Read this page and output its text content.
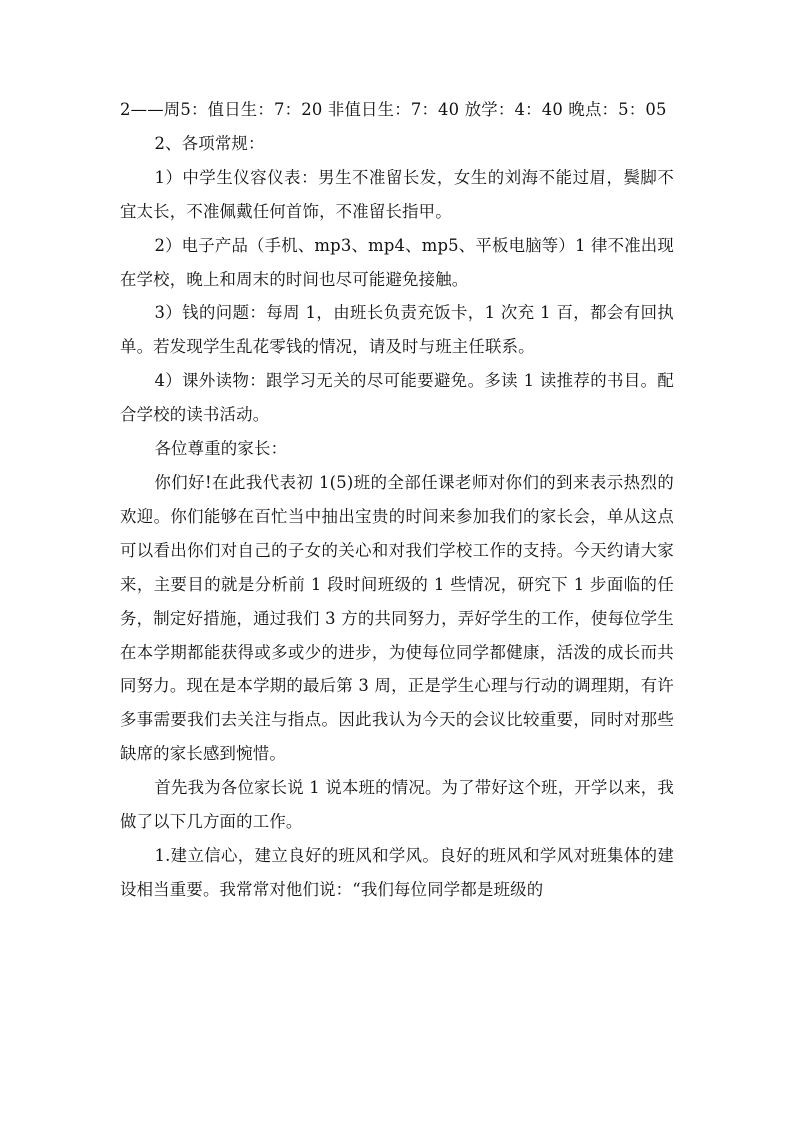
2——周5：值日生：7：20 非值日生：7：40 放学：4：40 晚点：5：05

2、各项常规：

1）中学生仪容仪表：男生不准留长发，女生的刘海不能过眉，鬓脚不宜太长，不准佩戴任何首饰，不准留长指甲。

2）电子产品（手机、mp3、mp4、mp5、平板电脑等）1 律不准出现在学校，晚上和周末的时间也尽可能避免接触。

3）钱的问题：每周 1，由班长负责充饭卡，1 次充 1 百，都会有回执单。若发现学生乱花零钱的情况，请及时与班主任联系。

4）课外读物：跟学习无关的尽可能要避免。多读 1 读推荐的书目。配合学校的读书活动。

各位尊重的家长：

你们好!在此我代表初 1(5)班的全部任课老师对你们的到来表示热烈的欢迎。你们能够在百忙当中抽出宝贵的时间来参加我们的家长会，单从这点可以看出你们对自己的子女的关心和对我们学校工作的支持。今天约请大家来，主要目的就是分析前 1 段时间班级的 1 些情况，研究下 1 步面临的任务，制定好措施，通过我们 3 方的共同努力，弄好学生的工作，使每位学生在本学期都能获得或多或少的进步，为使每位同学都健康，活泼的成长而共同努力。现在是本学期的最后第 3 周，正是学生心理与行动的调理期，有许多事需要我们去关注与指点。因此我认为今天的会议比较重要，同时对那些缺席的家长感到惋惜。

首先我为各位家长说 1 说本班的情况。为了带好这个班，开学以来，我做了以下几方面的工作。

1.建立信心，建立良好的班风和学风。良好的班风和学风对班集体的建设相当重要。我常常对他们说：“我们每位同学都是班级的
